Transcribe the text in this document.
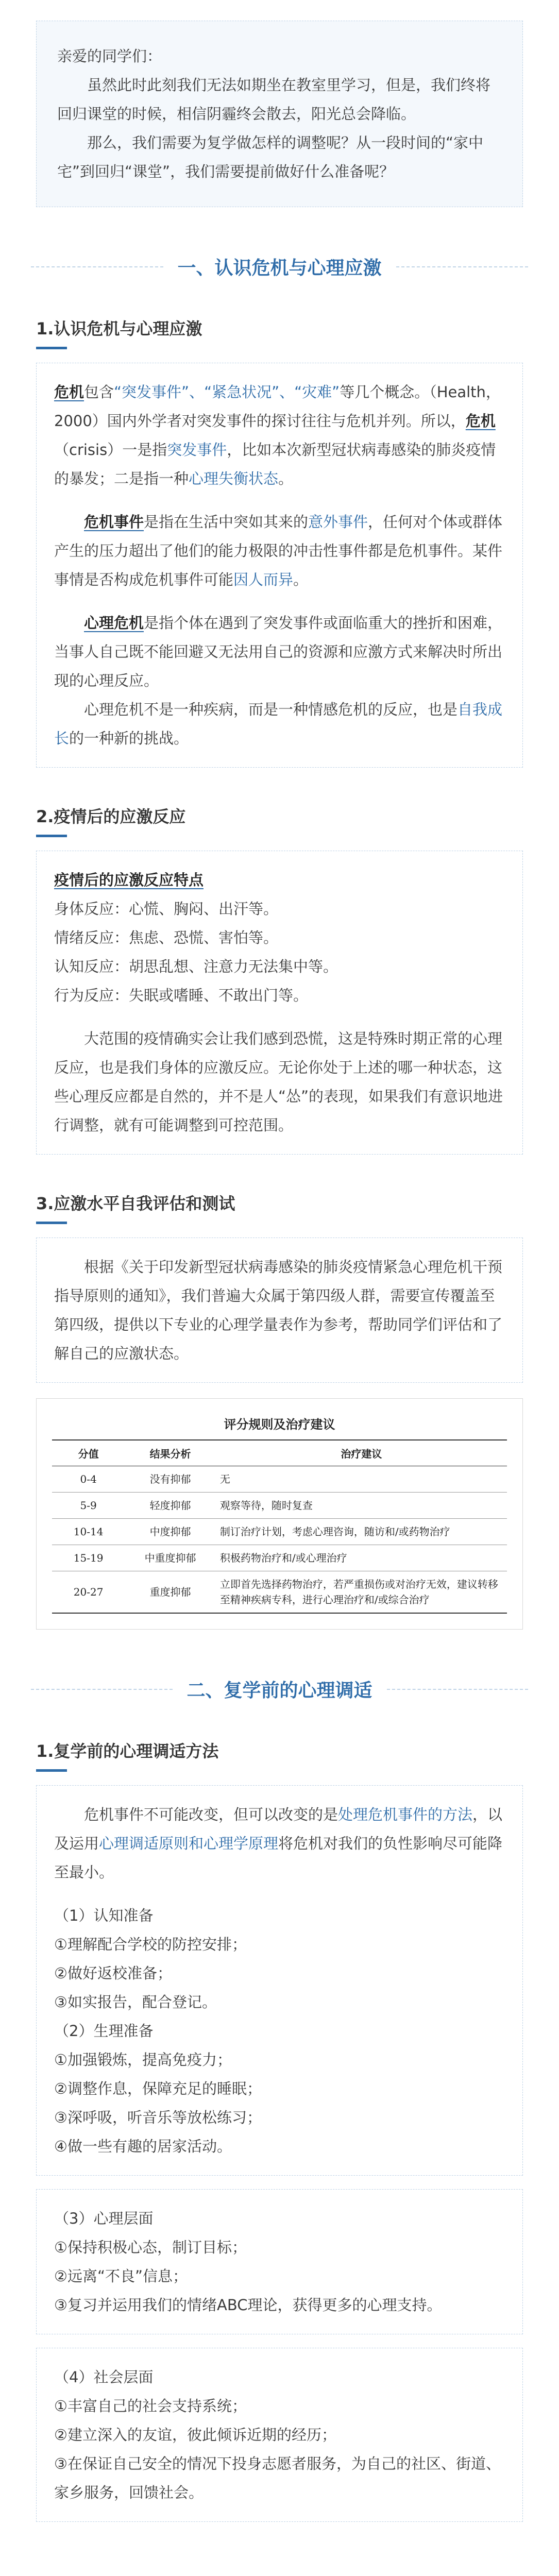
亲爱的同学们：

虽然此时此刻我们无法如期坐在教室里学习，但是，我们终将回归课堂的时候，相信阴霾终会散去，阳光总会降临。

那么，我们需要为复学做怎样的调整呢？从一段时间的“家中宅”到回归“课堂”，我们需要提前做好什么准备呢？

一、认识危机与心理应激
1.认识危机与心理应激

危机包含“突发事件”、“紧急状况”、“灾难”等几个概念。（Health，2000）国内外学者对突发事件的探讨往往与危机并列。所以，危机（crisis）一是指突发事件，比如本次新型冠状病毒感染的肺炎疫情的暴发；二是指一种心理失衡状态。

危机事件是指在生活中突如其来的意外事件，任何对个体或群体产生的压力超出了他们的能力极限的冲击性事件都是危机事件。某件事情是否构成危机事件可能因人而异。

心理危机是指个体在遇到了突发事件或面临重大的挫折和困难，当事人自己既不能回避又无法用自己的资源和应激方式来解决时所出现的心理反应。

心理危机不是一种疾病，而是一种情感危机的反应，也是自我成长的一种新的挑战。

2.疫情后的应激反应

疫情后的应激反应特点

身体反应：心慌、胸闷、出汗等。

情绪反应：焦虑、恐慌、害怕等。

认知反应：胡思乱想、注意力无法集中等。

行为反应：失眠或嗜睡、不敢出门等。

大范围的疫情确实会让我们感到恐慌，这是特殊时期正常的心理反应，也是我们身体的应激反应。无论你处于上述的哪一种状态，这些心理反应都是自然的，并不是人“怂”的表现，如果我们有意识地进行调整，就有可能调整到可控范围。

3.应激水平自我评估和测试

根据《关于印发新型冠状病毒感染的肺炎疫情紧急心理危机干预指导原则的通知》，我们普遍大众属于第四级人群，需要宣传覆盖至第四级，提供以下专业的心理学量表作为参考，帮助同学们评估和了解自己的应激状态。

评分规则及治疗建议
分值	结果分析	治疗建议
0-4	没有抑郁	无
5-9	轻度抑郁	观察等待，随时复查
10-14	中度抑郁	制订治疗计划，考虑心理咨询，随访和/或药物治疗
15-19	中重度抑郁	积极药物治疗和/或心理治疗
20-27	重度抑郁	立即首先选择药物治疗，若严重损伤或对治疗无效，建议转移至精神疾病专科，进行心理治疗和/或综合治疗
二、复学前的心理调适
1.复学前的心理调适方法

危机事件不可能改变，但可以改变的是处理危机事件的方法，以及运用心理调适原则和心理学原理将危机对我们的负性影响尽可能降至最小。

（1）认知准备

①理解配合学校的防控安排；

②做好返校准备；

③如实报告，配合登记。

（2）生理准备

①加强锻炼，提高免疫力；

②调整作息，保障充足的睡眠；

③深呼吸，听音乐等放松练习；

④做一些有趣的居家活动。

（3）心理层面

①保持积极心态，制订目标；

②远离“不良”信息；

③复习并运用我们的情绪ABC理论，获得更多的心理支持。

（4）社会层面

①丰富自己的社会支持系统；

②建立深入的友谊，彼此倾诉近期的经历；

③在保证自己安全的情况下投身志愿者服务，为自己的社区、街道、家乡服务，回馈社会。
